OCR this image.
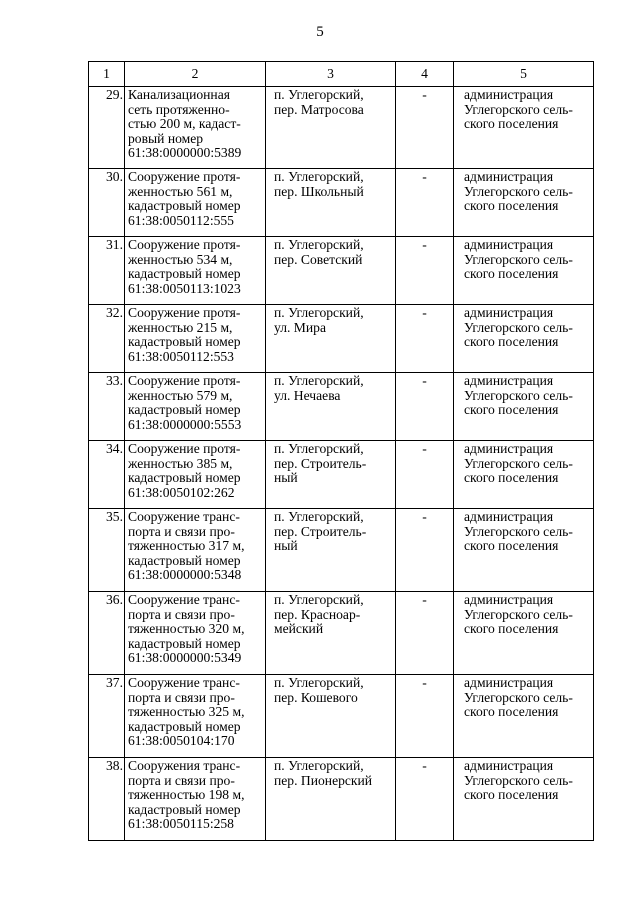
5
1	2	3	4	5

29.	Канализационная
сеть протяженно-
стью 200 м, кадаст-
ровый номер
61:38:0000000:5389	п. Углегорский,
пер. Матросова	-	администрация
Углегорского сель-
ского поселения

30.	Сооружение протя-
женностью 561 м,
кадастровый номер
61:38:0050112:555	п. Углегорский,
пер. Школьный	-	администрация
Углегорского сель-
ского поселения

31.	Сооружение протя-
женностью 534 м,
кадастровый номер
61:38:0050113:1023	п. Углегорский,
пер. Советский	-	администрация
Углегорского сель-
ского поселения

32.	Сооружение протя-
женностью 215 м,
кадастровый номер
61:38:0050112:553	п. Углегорский,
ул. Мира	-	администрация
Углегорского сель-
ского поселения

33.	Сооружение протя-
женностью 579 м,
кадастровый номер
61:38:0000000:5553	п. Углегорский,
ул. Нечаева	-	администрация
Углегорского сель-
ского поселения

34.	Сооружение протя-
женностью 385 м,
кадастровый номер
61:38:0050102:262	п. Углегорский,
пер. Строитель-
ный	-	администрация
Углегорского сель-
ского поселения

35.	Сооружение транс-
порта и связи про-
тяженностью 317 м,
кадастровый номер
61:38:0000000:5348	п. Углегорский,
пер. Строитель-
ный	-	администрация
Углегорского сель-
ского поселения

36.	Сооружение транс-
порта и связи про-
тяженностью 320 м,
кадастровый номер
61:38:0000000:5349	п. Углегорский,
пер. Красноар-
мейский	-	администрация
Углегорского сель-
ского поселения

37.	Сооружение транс-
порта и связи про-
тяженностью 325 м,
кадастровый номер
61:38:0050104:170	п. Углегорский,
пер. Кошевого	-	администрация
Углегорского сель-
ского поселения

38.	Сооружения транс-
порта и связи про-
тяженностью 198 м,
кадастровый номер
61:38:0050115:258	п. Углегорский,
пер. Пионерский	-	администрация
Углегорского сель-
ского поселения
